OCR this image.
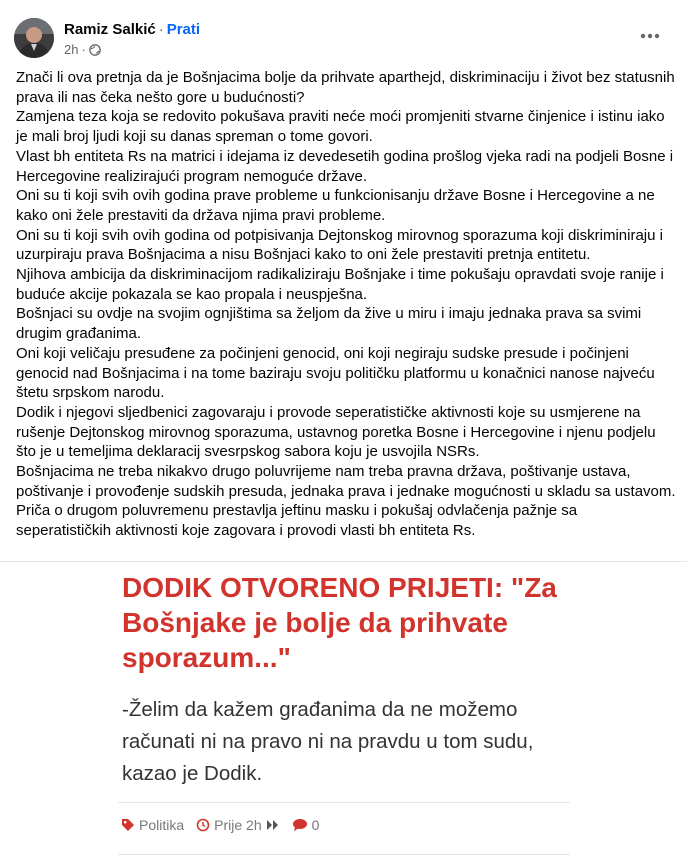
Ramiz Salkić · Prati
2h ·

Znači li ova pretnja da je Bošnjacima bolje da prihvate aparthejd, diskriminaciju i život bez statusnih prava ili nas čeka nešto gore u budućnosti?

Zamjena teza koja se redovito pokušava praviti neće moći promjeniti stvarne činjenice i istinu iako je mali broj ljudi koji su danas spreman o tome govori.

Vlast bh entiteta Rs na matrici i idejama iz devedesetih godina prošlog vjeka radi na podjeli Bosne i Hercegovine realizirajući program nemoguće države.

Oni su ti koji svih ovih godina prave probleme u funkcionisanju države Bosne i Hercegovine a ne kako oni žele prestaviti da država njima pravi probleme.

Oni su ti koji svih ovih godina od potpisivanja Dejtonskog mirovnog sporazuma koji diskriminiraju i uzurpiraju prava Bošnjacima a nisu Bošnjaci kako to oni žele prestaviti pretnja entitetu.

Njihova ambicija da diskriminacijom radikaliziraju Bošnjake i time pokušaju opravdati svoje ranije i buduće akcije pokazala se kao propala i neuspješna.

Bošnjaci su ovdje na svojim ognjištima sa željom da žive u miru i imaju jednaka prava sa svimi drugim građanima.

Oni koji veličaju presuđene za počinjeni genocid, oni koji negiraju sudske presude i počinjeni genocid nad Bošnjacima i na tome baziraju svoju političku platformu u konačnici nanose najveću štetu srpskom narodu.

Dodik i njegovi sljedbenici zagovaraju i provode seperatističke aktivnosti koje su usmjerene na rušenje Dejtonskog mirovnog sporazuma, ustavnog poretka Bosne i Hercegovine i njenu podjelu što je u temeljima deklaracij svesrpskog sabora koju je usvojila NSRs.

Bošnjacima ne treba nikakvo drugo poluvrijeme nam treba pravna država, poštivanje ustava, poštivanje i provođenje sudskih presuda, jednaka prava i jednake mogućnosti u skladu sa ustavom.

Priča o drugom poluvremenu prestavlja jeftinu masku i pokušaj odvlačenja pažnje sa seperatističkih aktivnosti koje zagovara i provodi vlasti bh entiteta Rs.

DODIK OTVORENO PRIJETI: "Za Bošnjake je bolje da prihvate sporazum..."
-Želim da kažem građanima da ne možemo računati ni na pravo ni na pravdu u tom sudu, kazao je Dodik.
Politika Prije 2h	0
